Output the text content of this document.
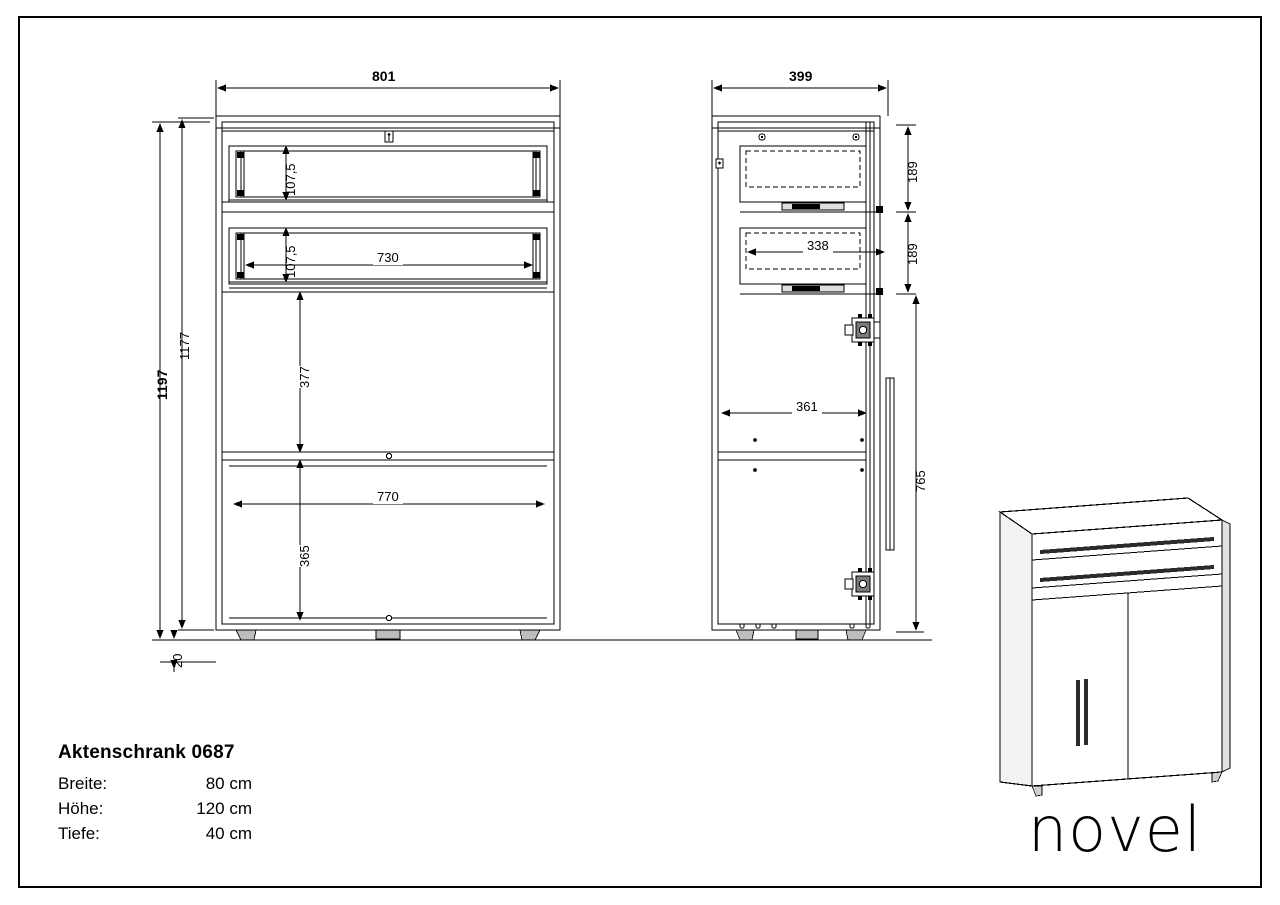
801	399
1197
1177
20
107,5
107,5	730
377
770
365
189
189
338
361
765
Aktenschrank 0687
Breite:	80 cm
Höhe:	120 cm
Tiefe:	40 cm	novel
